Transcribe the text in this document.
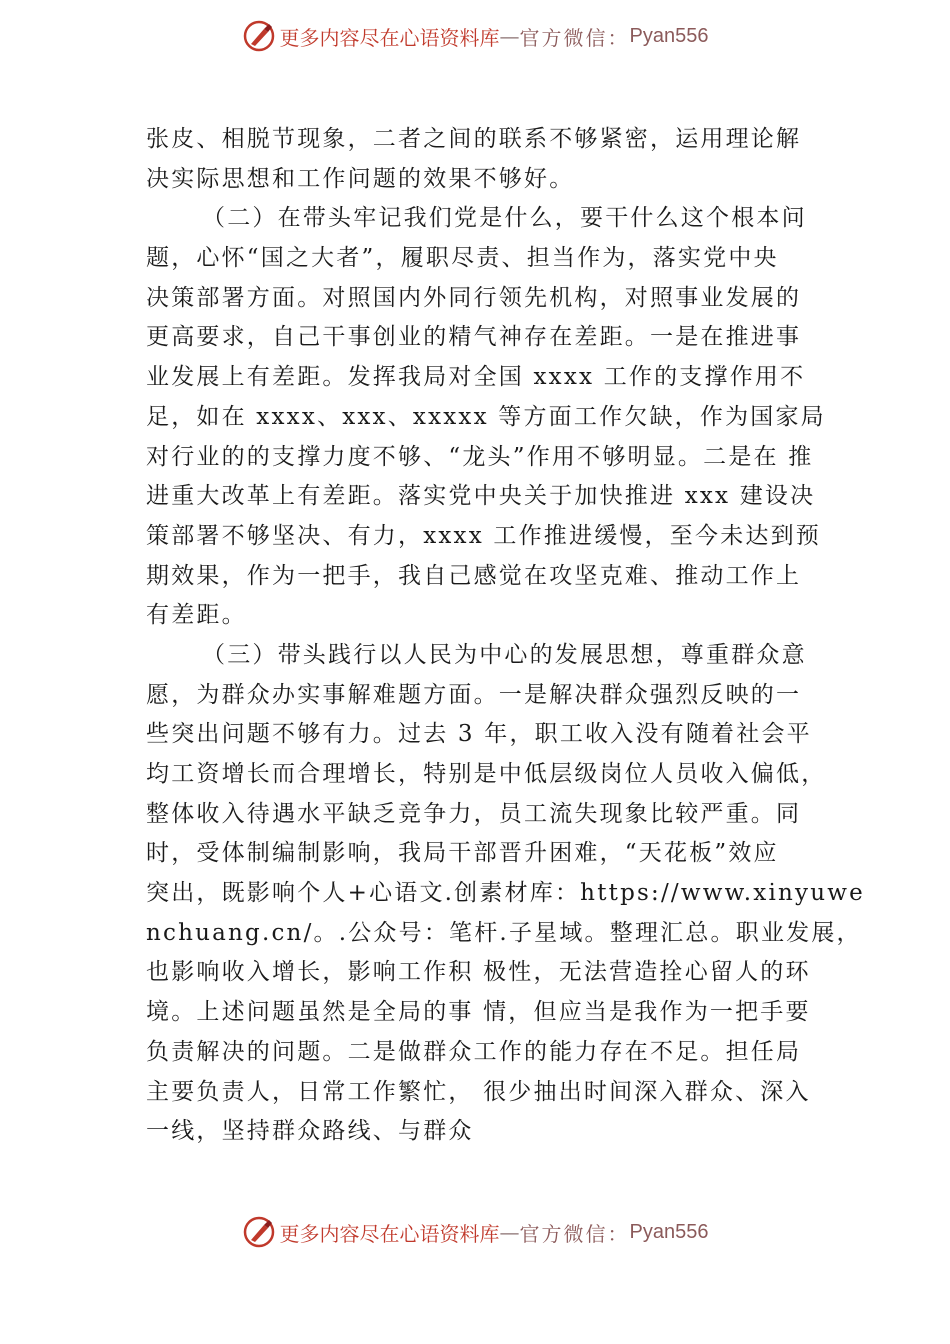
更多内容尽在心语资料库 — 官方微信： Pyan556
张皮、相脱节现象，二者之间的联系不够紧密，运用理论解
决实际思想和工作问题的效果不够好。
（二）在带头牢记我们党是什么，要干什么这个根本问
题，心怀“国之大者”，履职尽责、担当作为，落实党中央
决策部署方面。对照国内外同行领先机构，对照事业发展的
更高要求，自己干事创业的精气神存在差距。一是在推进事
业发展上有差距。发挥我局对全国 xxxx 工作的支撑作用不
足，如在 xxxx、xxx、xxxxx 等方面工作欠缺，作为国家局
对行业的的支撑力度不够、“龙头”作用不够明显。二是在 推
进重大改革上有差距。落实党中央关于加快推进 xxx 建设决
策部署不够坚决、有力，xxxx 工作推进缓慢，至今未达到预
期效果，作为一把手，我自己感觉在攻坚克难、推动工作上
有差距。
（三）带头践行以人民为中心的发展思想，尊重群众意
愿，为群众办实事解难题方面。一是解决群众强烈反映的一
些突出问题不够有力。过去 3 年，职工收入没有随着社会平
均工资增长而合理增长，特别是中低层级岗位人员收入偏低，
整体收入待遇水平缺乏竞争力，员工流失现象比较严重。同
时，受体制编制影响，我局干部晋升困难，“天花板”效应
突出，既影响个人+心语文.创素材库：https://www.xinyuwe
nchuang.cn/。.公众号：笔杆.子星域。整理汇总。职业发展，
也影响收入增长，影响工作积 极性，无法营造拴心留人的环
境。上述问题虽然是全局的事 情，但应当是我作为一把手要
负责解决的问题。二是做群众工作的能力存在不足。担任局
主要负责人，日常工作繁忙， 很少抽出时间深入群众、深入
一线，坚持群众路线、与群众
更多内容尽在心语资料库 — 官方微信： Pyan556
